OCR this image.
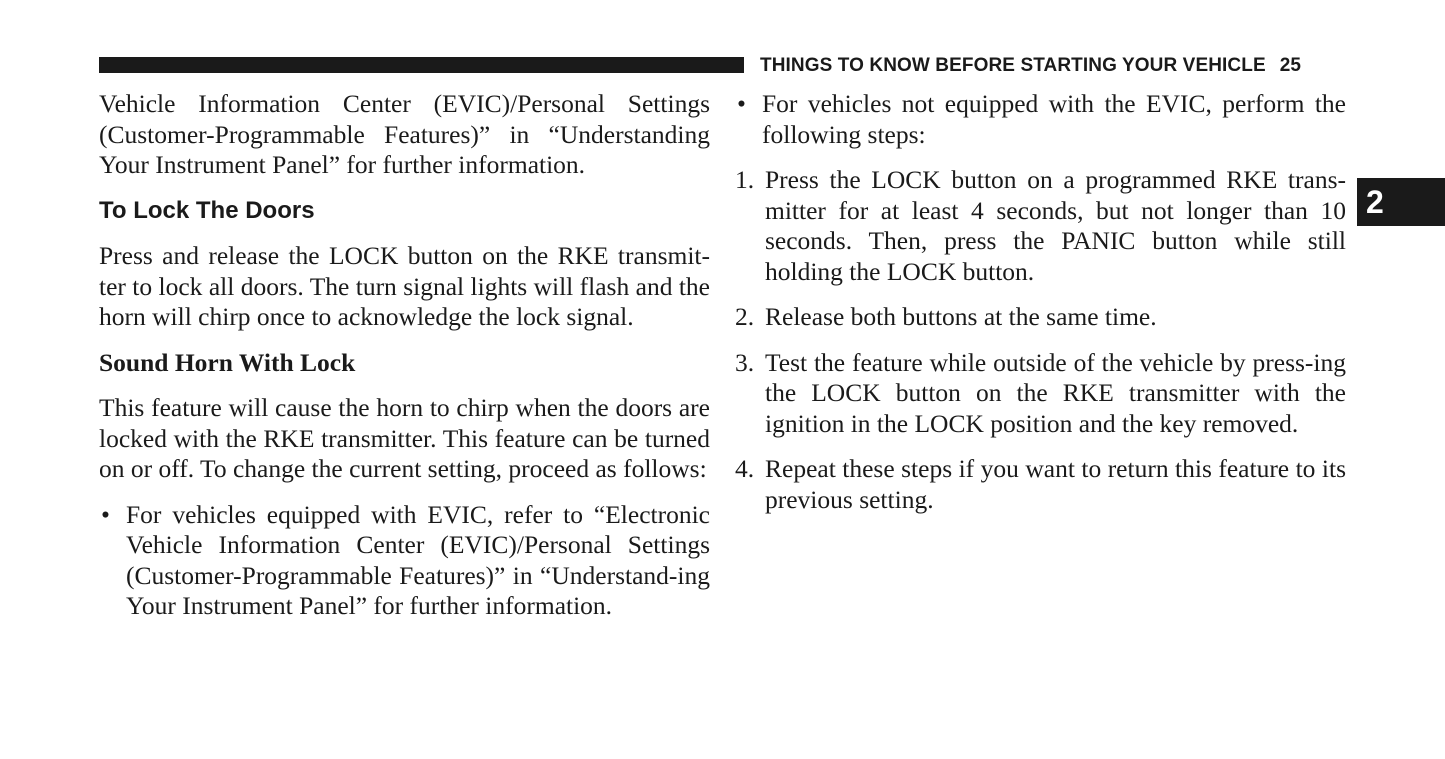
THINGS TO KNOW BEFORE STARTING YOUR VEHICLE 25
2

Vehicle Information Center (EVIC)/Personal Settings (Customer-Programmable Features)” in “Understanding Your Instrument Panel” for further information.

To Lock The Doors

Press and release the LOCK button on the RKE transmit-ter to lock all doors. The turn signal lights will flash and the horn will chirp once to acknowledge the lock signal.

Sound Horn With Lock

This feature will cause the horn to chirp when the doors are locked with the RKE transmitter. This feature can be turned on or off. To change the current setting, proceed as follows:

• For vehicles equipped with EVIC, refer to “Electronic Vehicle Information Center (EVIC)/Personal Settings (Customer-Programmable Features)” in “Understand-ing Your Instrument Panel” for further information.
• For vehicles not equipped with the EVIC, perform the following steps:
1. Press the LOCK button on a programmed RKE trans-mitter for at least 4 seconds, but not longer than 10 seconds. Then, press the PANIC button while still holding the LOCK button.
2. Release both buttons at the same time.
3. Test the feature while outside of the vehicle by press-ing the LOCK button on the RKE transmitter with the ignition in the LOCK position and the key removed.
4. Repeat these steps if you want to return this feature to its previous setting.
